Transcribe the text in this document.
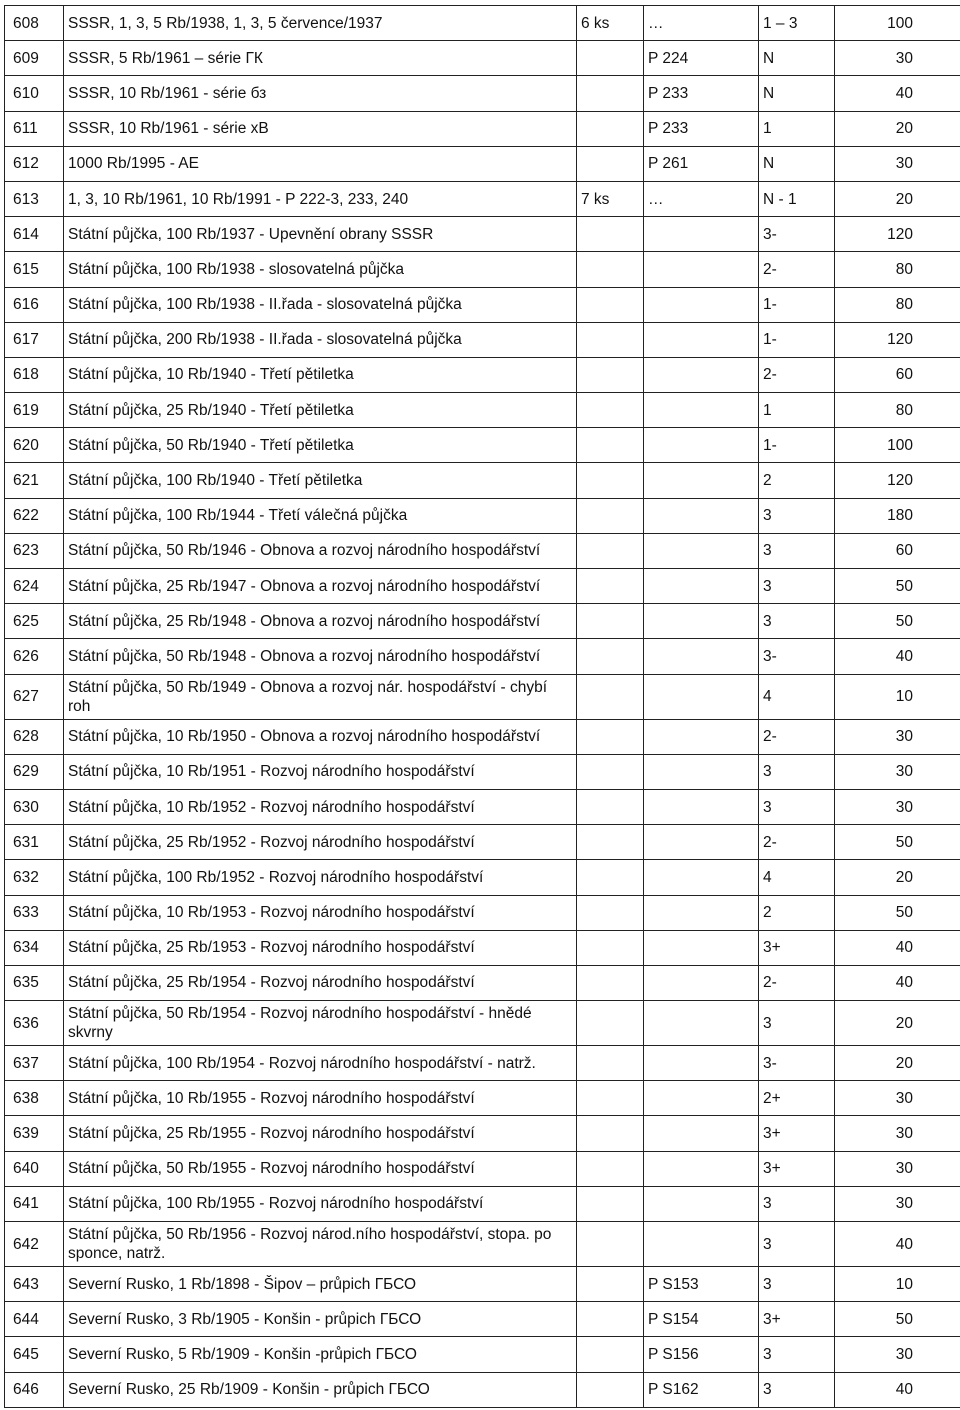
608	SSSR, 1, 3, 5 Rb/1938, 1, 3, 5 července/1937	6 ks	…	1 – 3	100
609	SSSR, 5 Rb/1961 – série ГК		P 224	N	30
610	SSSR, 10 Rb/1961 - série бз		P 233	N	40
611	SSSR, 10 Rb/1961 - série xB		P 233	1	20
612	1000 Rb/1995 - AE		P 261	N	30
613	1, 3, 10 Rb/1961, 10 Rb/1991 - P 222-3, 233, 240	7 ks	…	N - 1	20
614	Státní půjčka, 100 Rb/1937 - Upevnění obrany SSSR			3-	120
615	Státní půjčka, 100 Rb/1938 - slosovatelná půjčka			2-	80
616	Státní půjčka, 100 Rb/1938 - II.řada - slosovatelná půjčka			1-	80
617	Státní půjčka, 200 Rb/1938 - II.řada - slosovatelná půjčka			1-	120
618	Státní půjčka, 10 Rb/1940 - Třetí pětiletka			2-	60
619	Státní půjčka, 25 Rb/1940 - Třetí pětiletka			1	80
620	Státní půjčka, 50 Rb/1940 - Třetí pětiletka			1-	100
621	Státní půjčka, 100 Rb/1940 - Třetí pětiletka			2	120
622	Státní půjčka, 100 Rb/1944 - Třetí válečná půjčka			3	180
623	Státní půjčka, 50 Rb/1946 - Obnova a rozvoj národního hospodářství			3	60
624	Státní půjčka, 25 Rb/1947 - Obnova a rozvoj národního hospodářství			3	50
625	Státní půjčka, 25 Rb/1948 - Obnova a rozvoj národního hospodářství			3	50
626	Státní půjčka, 50 Rb/1948 - Obnova a rozvoj národního hospodářství			3-	40
627	Státní půjčka, 50 Rb/1949 - Obnova a rozvoj nár. hospodářství - chybí roh			4	10
628	Státní půjčka, 10 Rb/1950 - Obnova a rozvoj národního hospodářství			2-	30
629	Státní půjčka, 10 Rb/1951 - Rozvoj národního hospodářství			3	30
630	Státní půjčka, 10 Rb/1952 - Rozvoj národního hospodářství			3	30
631	Státní půjčka, 25 Rb/1952 - Rozvoj národního hospodářství			2-	50
632	Státní půjčka, 100 Rb/1952 - Rozvoj národního hospodářství			4	20
633	Státní půjčka, 10 Rb/1953 - Rozvoj národního hospodářství			2	50
634	Státní půjčka, 25 Rb/1953 - Rozvoj národního hospodářství			3+	40
635	Státní půjčka, 25 Rb/1954 - Rozvoj národního hospodářství			2-	40
636	Státní půjčka, 50 Rb/1954 - Rozvoj národního hospodářství - hnědé skvrny			3	20
637	Státní půjčka, 100 Rb/1954 - Rozvoj národního hospodářství - natrž.			3-	20
638	Státní půjčka, 10 Rb/1955 - Rozvoj národního hospodářství			2+	30
639	Státní půjčka, 25 Rb/1955 - Rozvoj národního hospodářství			3+	30
640	Státní půjčka, 50 Rb/1955 - Rozvoj národního hospodářství			3+	30
641	Státní půjčka, 100 Rb/1955 - Rozvoj národního hospodářství			3	30
642	Státní půjčka, 50 Rb/1956 - Rozvoj národ.ního hospodářství, stopa. po sponce, natrž.			3	40
643	Severní Rusko, 1 Rb/1898 - Šipov – průpich ГБСО		P S153	3	10
644	Severní Rusko, 3 Rb/1905 - Konšin - průpich ГБСО		P S154	3+	50
645	Severní Rusko, 5 Rb/1909 - Konšin -průpich ГБСО		P S156	3	30
646	Severní Rusko, 25 Rb/1909 - Konšin - průpich ГБСО		P S162	3	40
